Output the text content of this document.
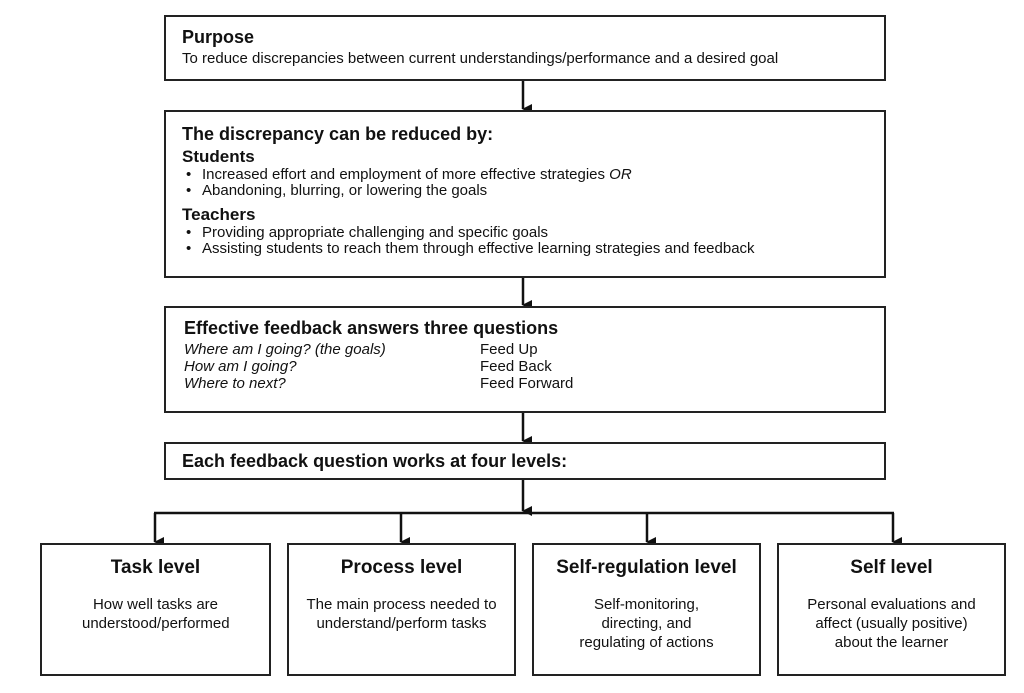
Purpose
To reduce discrepancies between current understandings/performance and a desired goal
The discrepancy can be reduced by:
Students
• Increased effort and employment of more effective strategies OR
• Abandoning, blurring, or lowering the goals
Teachers
• Providing appropriate challenging and specific goals
• Assisting students to reach them through effective learning strategies and feedback
Effective feedback answers three questions
Where am I going? (the goals)	Feed Up
How am I going?	Feed Back
Where to next?	Feed Forward
Each feedback question works at four levels:
Task level
How well tasks are understood/performed
Process level
The main process needed to understand/perform tasks
Self-regulation level
Self-monitoring, directing, and regulating of actions
Self level
Personal evaluations and affect (usually positive) about the learner
